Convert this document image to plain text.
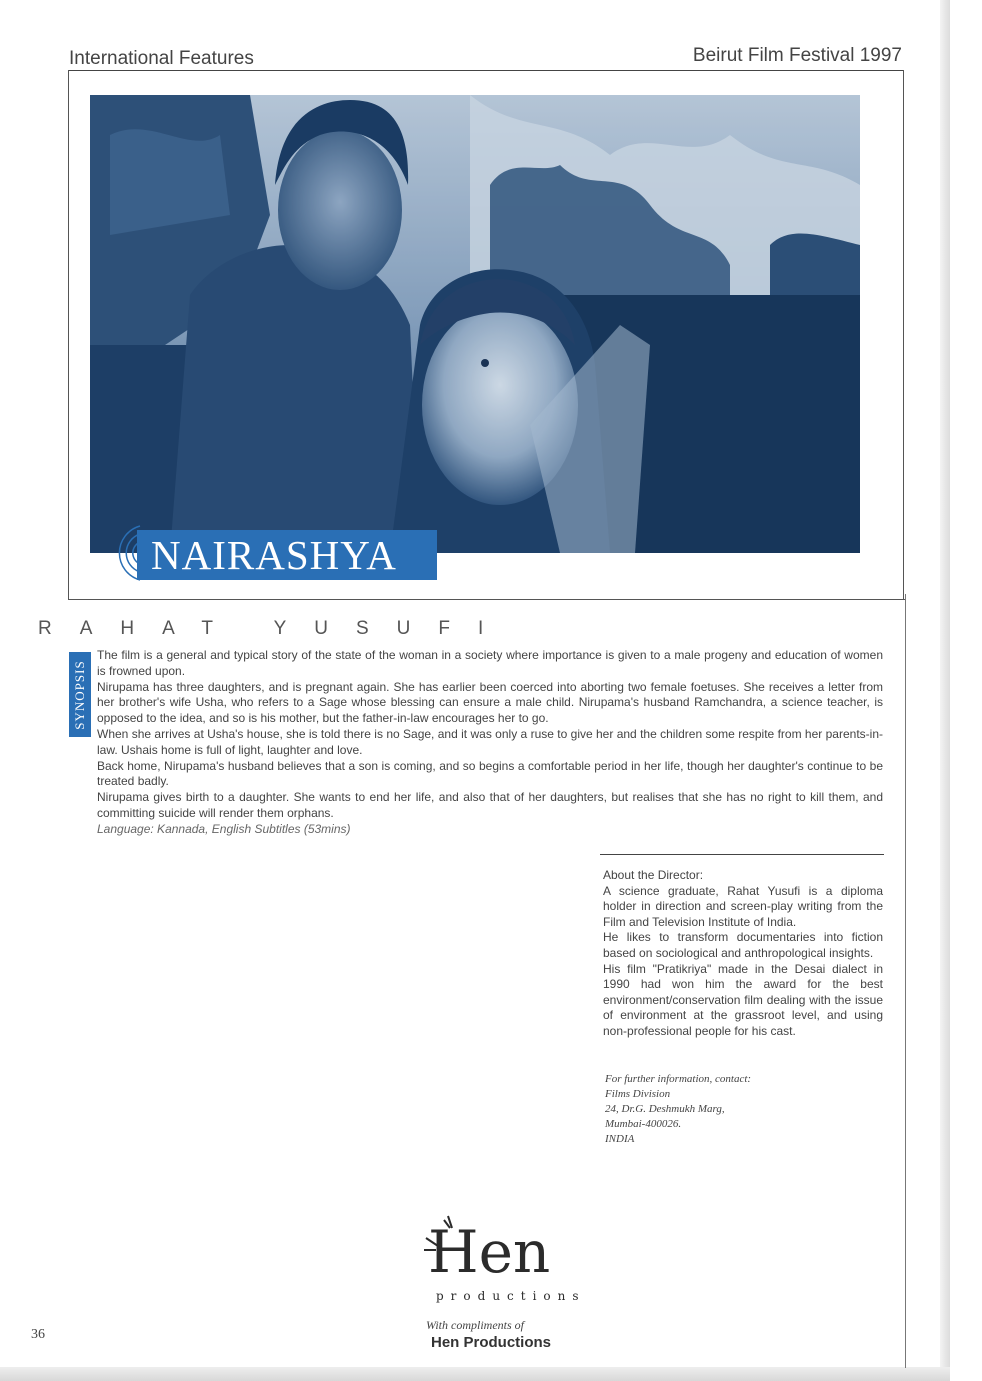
International Features	Beirut Film Festival 1997
NAIRASHYA
RAHAT YUSUFI
SYNOPSIS

The film is a general and typical story of the state of the woman in a society where importance is given to a male progeny and education of women is frowned upon.

Nirupama has three daughters, and is pregnant again. She has earlier been coerced into aborting two female foetuses. She receives a letter from her brother's wife Usha, who refers to a Sage whose blessing can ensure a male child. Nirupama's husband Ramchandra, a science teacher, is opposed to the idea, and so is his mother, but the father-in-law encourages her to go.

When she arrives at Usha's house, she is told there is no Sage, and it was only a ruse to give her and the children some respite from her parents-in-law. Ushais home is full of light, laughter and love.

Back home, Nirupama's husband believes that a son is coming, and so begins a comfortable period in her life, though her daughter's continue to be treated badly.

Nirupama gives birth to a daughter. She wants to end her life, and also that of her daughters, but realises that she has no right to kill them, and committing suicide will render them orphans.

Language: Kannada, English Subtitles (53mins)

About the Director:

A science graduate, Rahat Yusufi is a diploma holder in direction and screen-play writing from the Film and Television Institute of India.

He likes to transform documentaries into fiction based on sociological and anthropological insights.

His film "Pratikriya" made in the Desai dialect in 1990 had won him the award for the best environment/conservation film dealing with the issue of environment at the grassroot level, and using non-professional people for his cast.

For further information, contact:
Films Division
24, Dr.G. Deshmukh Marg,
Mumbai-400026.
INDIA
Hen
productions
With compliments of
Hen Productions
36
